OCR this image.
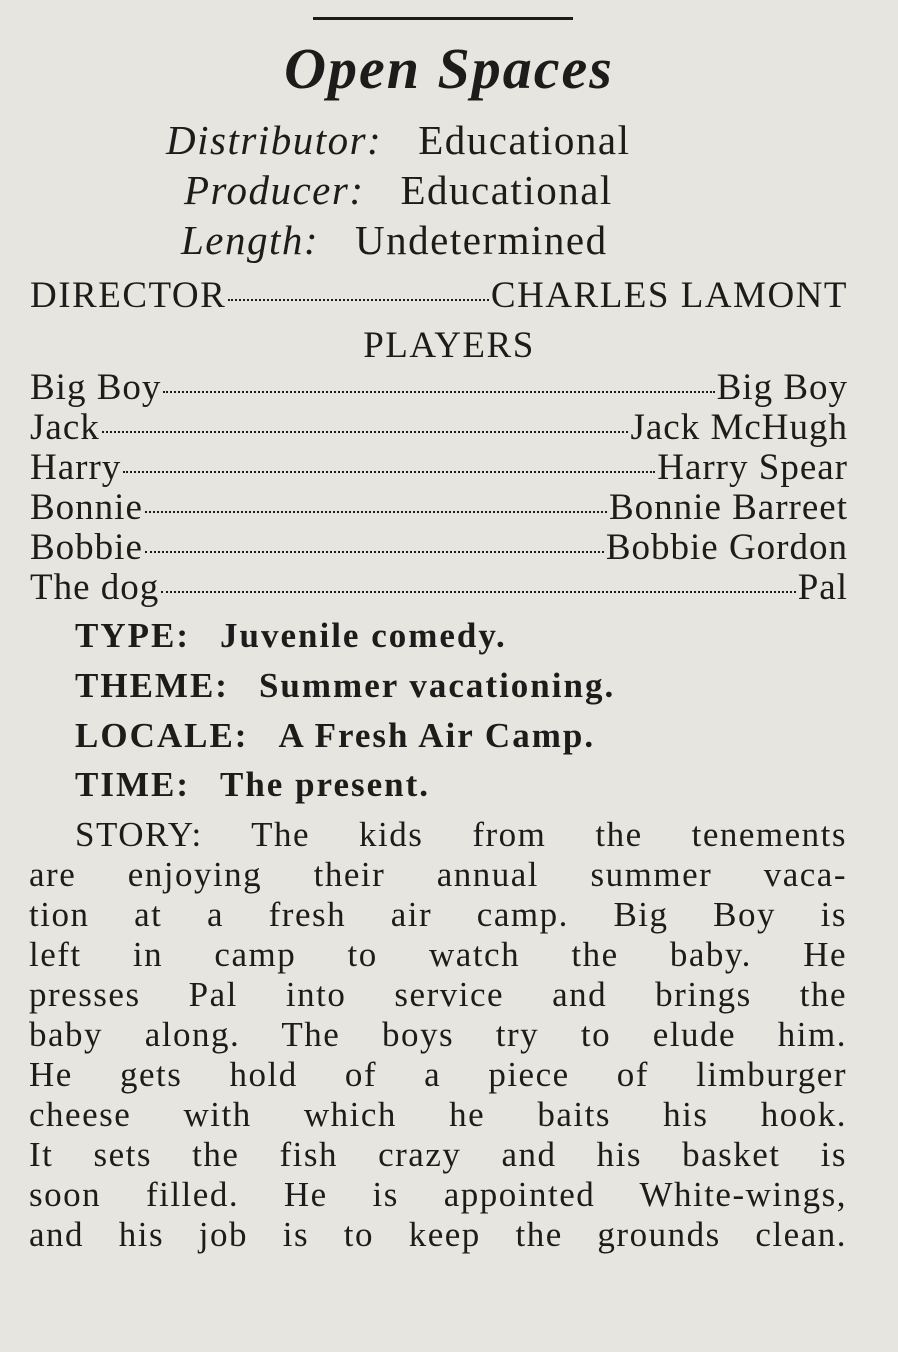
Open Spaces
Distributor: Educational
Producer: Educational
Length: Undetermined
DIRECTOR	CHARLES LAMONT
PLAYERS
Big Boy	Big Boy
Jack	Jack McHugh
Harry	Harry Spear
Bonnie	Bonnie Barreet
Bobbie	Bobbie Gordon
The dog	Pal
TYPE: Juvenile comedy.
THEME: Summer vacationing.
LOCALE: A Fresh Air Camp.
TIME: The present.
STORY: The kids from the tenements
are enjoying their annual summer vaca-
tion at a fresh air camp. Big Boy is
left in camp to watch the baby. He
presses Pal into service and brings the
baby along. The boys try to elude him.
He gets hold of a piece of limburger
cheese with which he baits his hook.
It sets the fish crazy and his basket is
soon filled. He is appointed White-wings,
and his job is to keep the grounds clean.
